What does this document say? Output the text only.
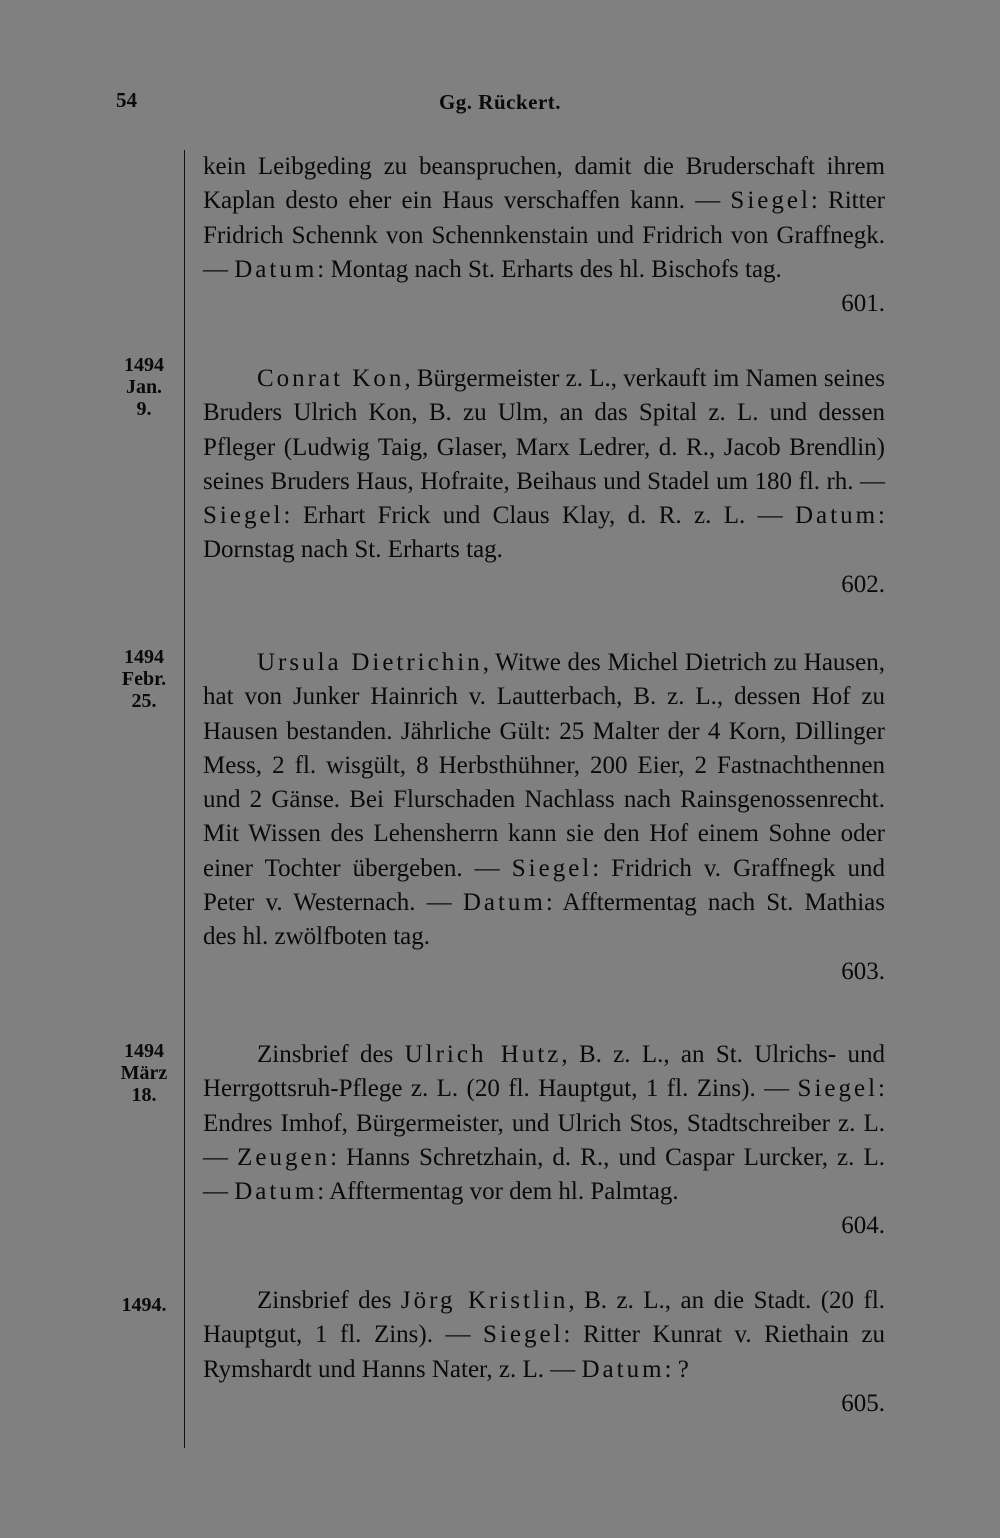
54	Gg. Rückert.

kein Leibgeding zu beanspruchen, damit die Bruderschaft ihrem Kaplan desto eher ein Haus verschaffen kann. — Siegel: Ritter Fridrich Schennk von Schennkenstain und Fridrich von Graffnegk. — Datum: Montag nach St. Erharts des hl. Bischofs tag.

601.

Conrat Kon, Bürgermeister z. L., verkauft im Namen seines Bruders Ulrich Kon, B. zu Ulm, an das Spital z. L. und dessen Pfleger (Ludwig Taig, Glaser, Marx Ledrer, d. R., Jacob Brendlin) seines Bruders Haus, Hofraite, Beihaus und Stadel um 180 fl. rh. — Siegel: Erhart Frick und Claus Klay, d. R. z. L. — Datum: Dornstag nach St. Erharts tag.

602.
1494
Jan.
9.

Ursula Dietrichin, Witwe des Michel Dietrich zu Hausen, hat von Junker Hainrich v. Lautterbach, B. z. L., dessen Hof zu Hausen bestanden. Jährliche Gült: 25 Malter der 4 Korn, Dillinger Mess, 2 fl. wisgült, 8 Herbsthühner, 200 Eier, 2 Fastnachthennen und 2 Gänse. Bei Flurschaden Nachlass nach Rainsgenossenrecht. Mit Wissen des Lehensherrn kann sie den Hof einem Sohne oder einer Tochter übergeben. — Siegel: Fridrich v. Graffnegk und Peter v. Westernach. — Datum: Afftermentag nach St. Mathias des hl. zwölfboten tag.

603.
1494
Febr.
25.

Zinsbrief des Ulrich Hutz, B. z. L., an St. Ulrichs- und Herrgottsruh-Pflege z. L. (20 fl. Hauptgut, 1 fl. Zins). — Siegel: Endres Imhof, Bürgermeister, und Ulrich Stos, Stadtschreiber z. L. — Zeugen: Hanns Schretzhain, d. R., und Caspar Lurcker, z. L. — Datum: Afftermentag vor dem hl. Palmtag.

604.
1494
März
18.

Zinsbrief des Jörg Kristlin, B. z. L., an die Stadt. (20 fl. Hauptgut, 1 fl. Zins). — Siegel: Ritter Kunrat v. Riethain zu Rymshardt und Hanns Nater, z. L. — Datum: ?

605.
1494.
